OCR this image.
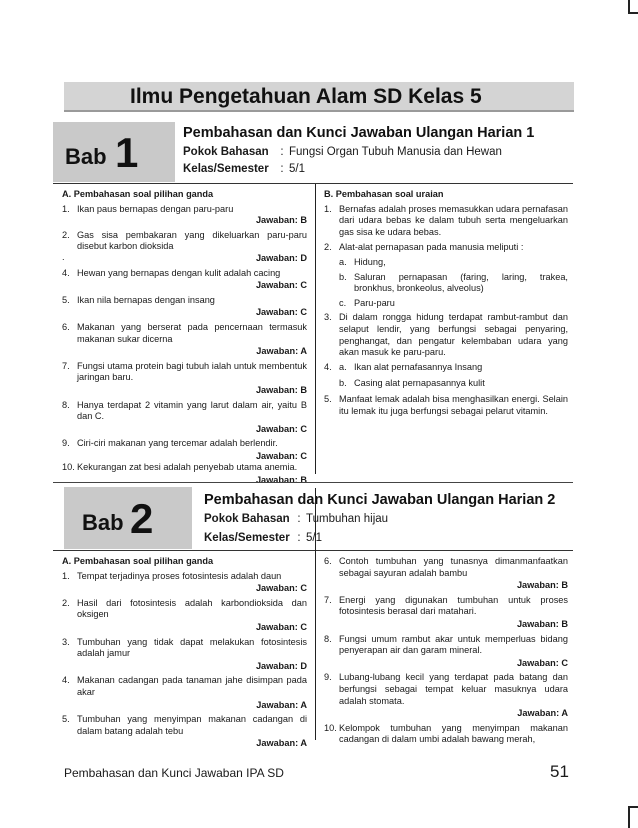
Ilmu Pengetahuan Alam SD Kelas 5
Bab 1	Pembahasan dan Kunci Jawaban Ulangan Harian 1
Pokok Bahasan : Fungsi Organ Tubuh Manusia dan Hewan
Kelas/Semester : 5/1
A. Pembahasan soal pilihan ganda
1. Ikan paus bernapas dengan paru-paru
Jawaban: B
2. Gas sisa pembakaran yang dikeluarkan paru-paru disebut karbon dioksida
.	Jawaban: D
4. Hewan yang bernapas dengan kulit adalah cacing
Jawaban: C
5. Ikan nila bernapas dengan insang
Jawaban: C
6. Makanan yang berserat pada pencernaan termasuk makanan sukar dicerna
Jawaban: A
7. Fungsi utama protein bagi tubuh ialah untuk membentuk jaringan baru.
Jawaban: B
8. Hanya terdapat 2 vitamin yang larut dalam air, yaitu B dan C.
Jawaban: C
9. Ciri-ciri makanan yang tercemar adalah berlendir.
Jawaban: C
10. Kekurangan zat besi adalah penyebab utama anemia.
Jawaban: B
B. Pembahasan soal uraian
1. Bernafas adalah proses memasukkan udara pernafasan dari udara bebas ke dalam tubuh serta mengeluarkan gas sisa ke udara bebas.
2. Alat-alat pernapasan pada manusia meliputi :
a. Hidung,
b. Saluran pernapasan (faring, laring, trakea, bronkhus, bronkeolus, alveolus)
c. Paru-paru
3. Di dalam rongga hidung terdapat rambut-rambut dan selaput lendir, yang berfungsi sebagai penyaring, penghangat, dan pengatur kelembaban udara yang akan masuk ke paru-paru.
4. a. Ikan alat pernafasannya Insang
b. Casing alat pernapasannya kulit
5. Manfaat lemak adalah bisa menghasilkan energi. Selain itu lemak itu juga berfungsi sebagai pelarut vitamin.
Bab 2	Pembahasan dan Kunci Jawaban Ulangan Harian 2
Pokok Bahasan : Tumbuhan hijau
Kelas/Semester : 5/1
A. Pembahasan soal pilihan ganda
1. Tempat terjadinya proses fotosintesis adalah daun
Jawaban: C
2. Hasil dari fotosintesis adalah karbondioksida dan oksigen
Jawaban: C
3. Tumbuhan yang tidak dapat melakukan fotosintesis adalah jamur
Jawaban: D
4. Makanan cadangan pada tanaman jahe disimpan pada akar
Jawaban: A
5. Tumbuhan yang menyimpan makanan cadangan di dalam batang adalah tebu
Jawaban: A
6. Contoh tumbuhan yang tunasnya dimanmanfaatkan sebagai sayuran adalah bambu
Jawaban: B
7. Energi yang digunakan tumbuhan untuk proses fotosintesis berasal dari matahari.
Jawaban: B
8. Fungsi umum rambut akar untuk memperluas bidang penyerapan air dan garam mineral.
Jawaban: C
9. Lubang-lubang kecil yang terdapat pada batang dan berfungsi sebagai tempat keluar masuknya udara adalah stomata.
Jawaban: A
10. Kelompok tumbuhan yang menyimpan makanan cadangan di dalam umbi adalah bawang merah,
Pembahasan dan Kunci Jawaban IPA SD	51
